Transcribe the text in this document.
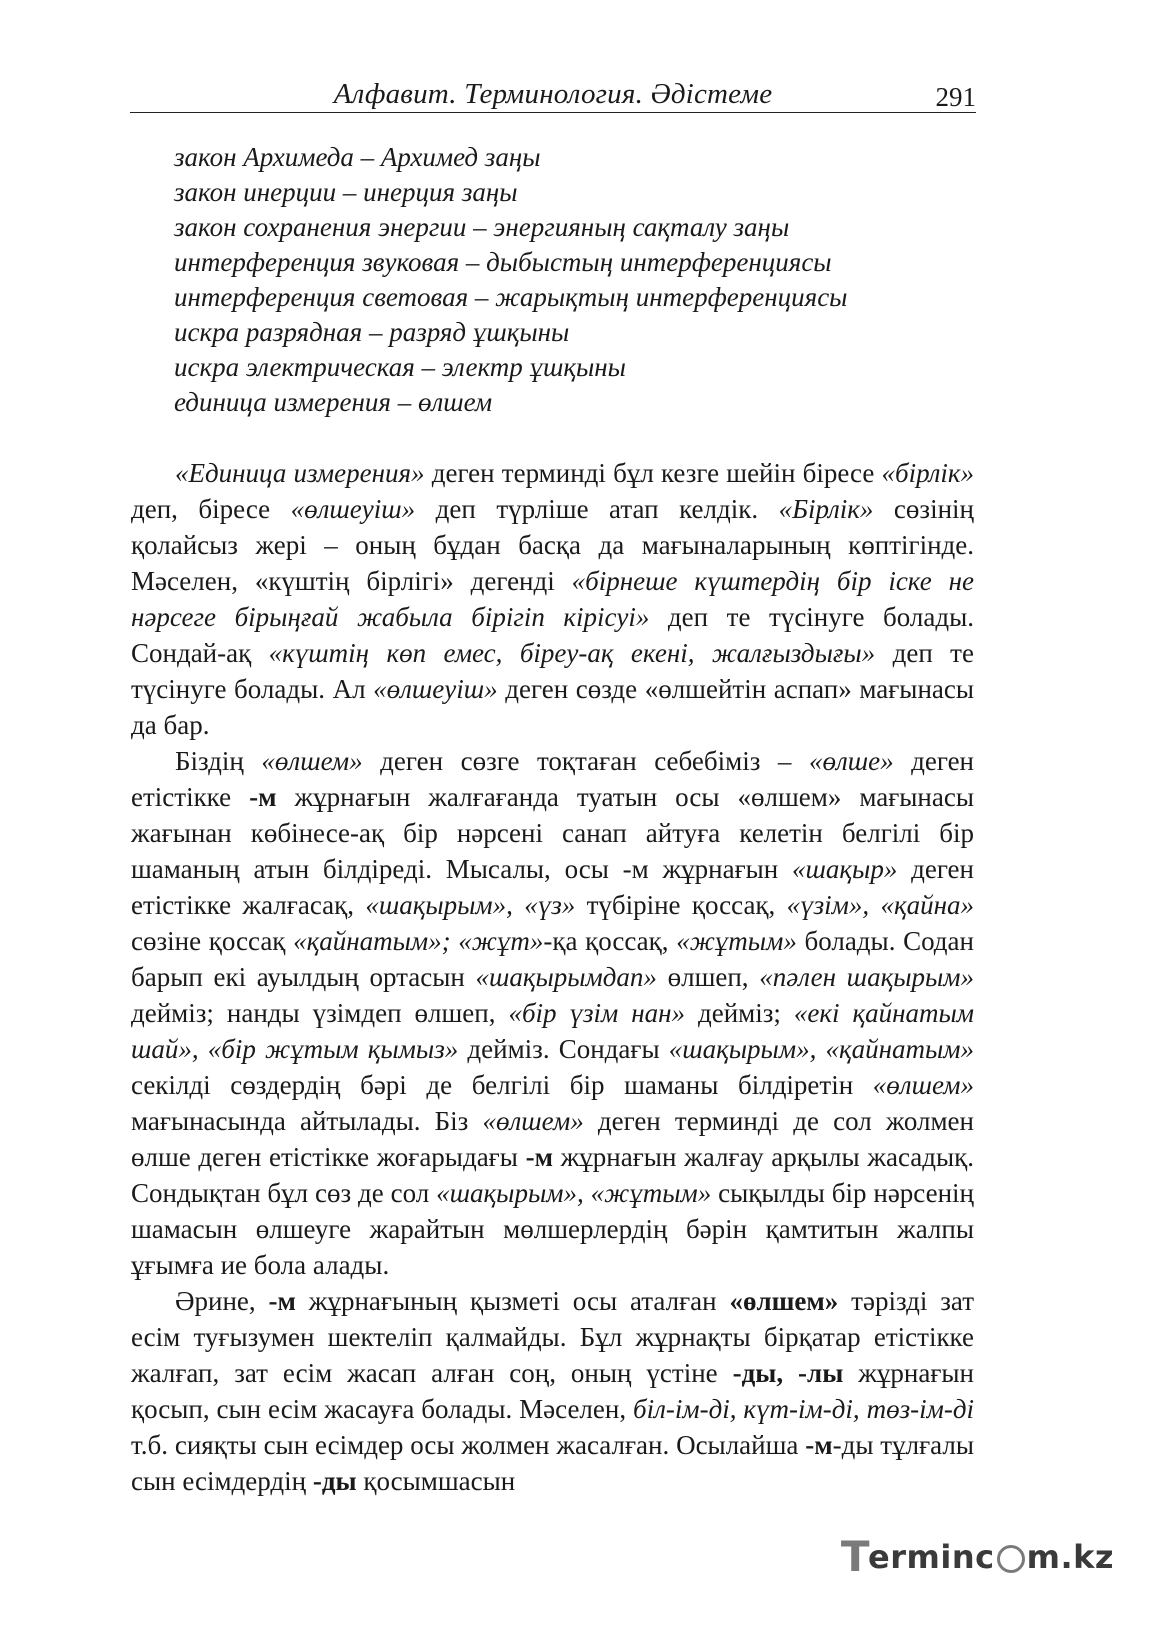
Алфавит. Терминология. Әдістеме	291
закон Архимеда – Архимед заңы
закон инерции – инерция заңы
закон сохранения энергии – энергияның сақталу заңы
интерференция звуковая – дыбыстың интерференциясы
интерференция световая – жарықтың интерференциясы
искра разрядная – разряд ұшқыны
искра электрическая – электр ұшқыны
единица измерения – өлшем

«Единица измерения» деген терминді бұл кезге шейін біресе «бірлік» деп, біресе «өлшеуіш» деп түрліше атап келдік. «Бірлік» сөзінің қолайсыз жері – оның бұдан басқа да мағыналарының көптігінде. Мәселен, «күштің бірлігі» дегенді «бірнеше күштердің бір іске не нәрсеге бірыңғай жабыла бірігіп кірісуі» деп те түсінуге болады. Сондай-ақ «күштің көп емес, біреу-ақ екені, жалғыздығы» деп те түсінуге болады. Ал «өлшеуіш» деген сөзде «өлшейтін аспап» мағынасы да бар.

Біздің «өлшем» деген сөзге тоқтаған себебіміз – «өлше» деген етістікке -м жұрнағын жалғағанда туатын осы «өлшем» мағынасы жағынан көбінесе-ақ бір нәрсені санап айтуға келетін белгілі бір шаманың атын білдіреді. Мысалы, осы -м жұрнағын «шақыр» деген етістікке жалғасақ, «шақырым», «үз» түбіріне қоссақ, «үзім», «қайна» сөзіне қоссақ «қайнатым»; «жұт»-қа қоссақ, «жұтым» болады. Содан барып екі ауылдың ортасын «шақырымдап» өлшеп, «пәлен шақырым» дейміз; нанды үзімдеп өлшеп, «бір үзім нан» дейміз; «екі қайнатым шай», «бір жұтым қымыз» дейміз. Сондағы «шақырым», «қайнатым» секілді сөздердің бәрі де белгілі бір шаманы білдіретін «өлшем» мағынасында айтылады. Біз «өлшем» деген терминді де сол жолмен өлше деген етістікке жоғарыдағы -м жұрнағын жалғау арқылы жасадық. Сондықтан бұл сөз де сол «шақырым», «жұтым» сықылды бір нәрсенің шамасын өлшеуге жарайтын мөлшерлердің бәрін қамтитын жалпы ұғымға ие бола алады.

Әрине, -м жұрнағының қызметі осы аталған «өлшем» тәрізді зат есім туғызумен шектеліп қалмайды. Бұл жұрнақты бірқатар етістікке жалғап, зат есім жасап алған соң, оның үстіне -ды, -лы жұрнағын қосып, сын есім жасауға болады. Мәселен, біл-ім-ді, күт-ім-ді, төз-ім-ді т.б. сияқты сын есімдер осы жолмен жасалған. Осылайша -м-ды тұлғалы сын есімдердің -ды қосымшасын

T
erminc m.kz
